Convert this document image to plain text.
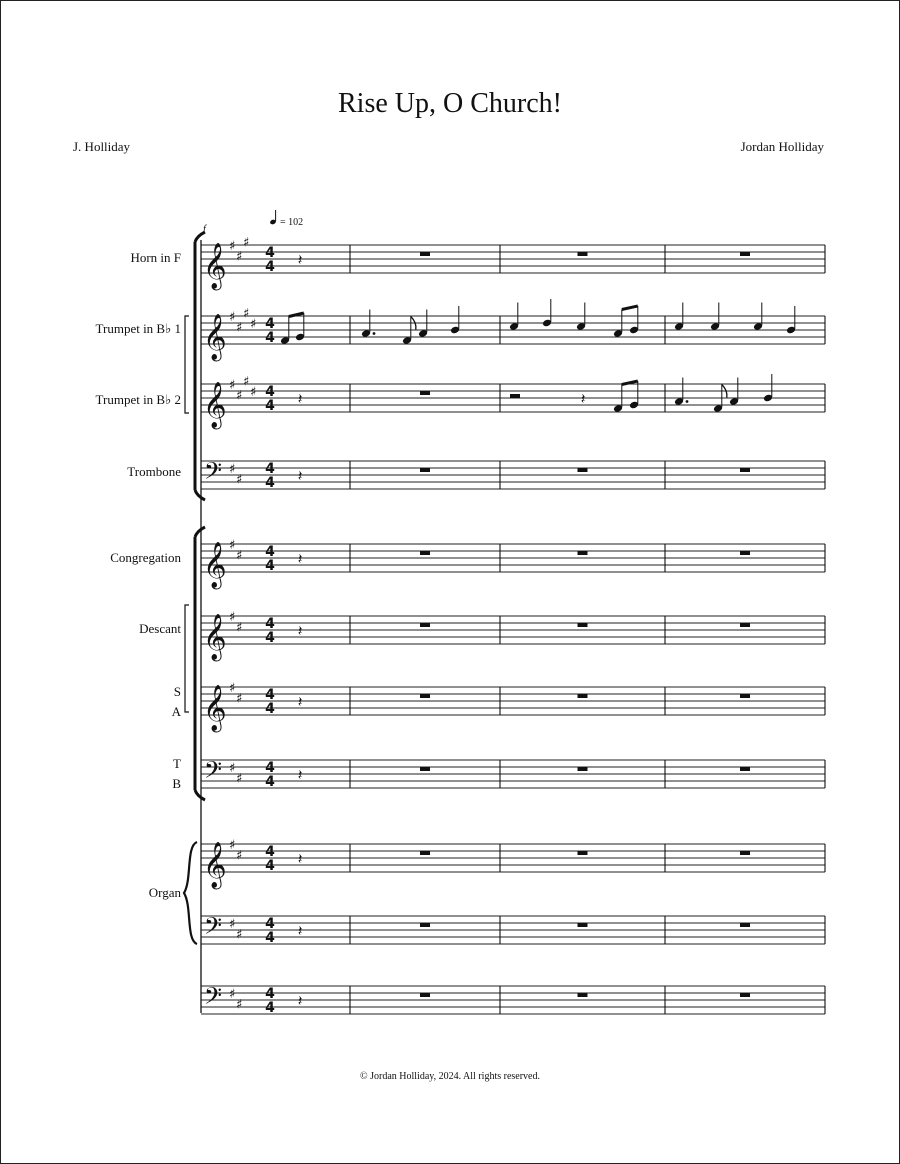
Rise Up, O Church!
J. Holliday	Jordan Holliday
𝄞 ♯
♯
♯
4
4 𝄽
𝄞 ♯
♯
♯
♯ 4
4
𝄞 ♯
♯
♯
♯ 4
4 𝄽	𝄽
𝄢 ♯
♯
4
4 𝄽
𝄞 ♯
♯ 4
4 𝄽
𝄞 ♯
♯ 4
4 𝄽
𝄞 ♯
♯ 4
4 𝄽
𝄢 ♯
♯
4
4 𝄽
𝄞 ♯
♯ 4
4 𝄽
𝄢 ♯
♯
4
4 𝄽
𝄢 ♯
♯
4
4 𝄽
= 102
f
Horn in F
Trumpet in B♭ 1
Trumpet in B♭ 2
Trombone
Congregation
Descant
S
A
T
B
Organ
© Jordan Holliday, 2024. All rights reserved.
